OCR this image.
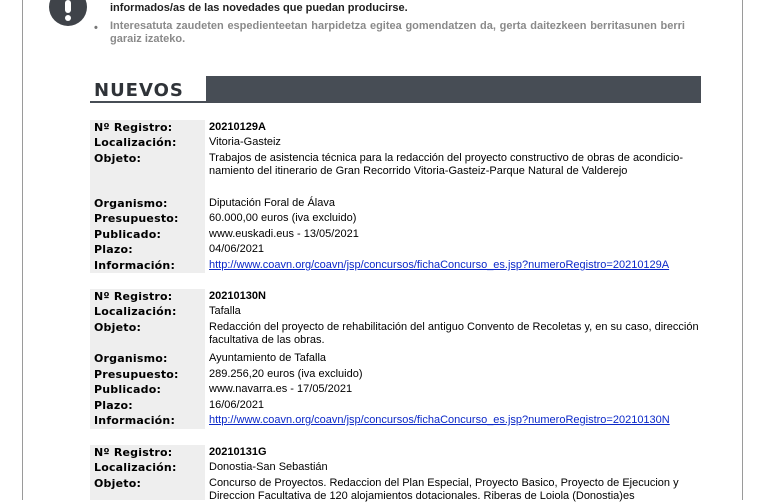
informados/as de las novedades que puedan producirse.
• Interesatuta zaudeten espedienteetan harpidetza egitea gomendatzen da, gerta daitezkeen berritasunen berri garaiz izateko.
NUEVOS
Nº Registro:	20210129A
Localización:	Vitoria-Gasteiz
Objeto:	Trabajos de asistencia técnica para la redacción del proyecto constructivo de obras de acondicio-namiento del itinerario de Gran Recorrido Vitoria-Gasteiz-Parque Natural de Valderejo
Organismo:	Diputación Foral de Álava
Presupuesto:	60.000,00 euros (iva excluido)
Publicado:	www.euskadi.eus - 13/05/2021
Plazo:	04/06/2021
Información:	http://www.coavn.org/coavn/jsp/concursos/fichaConcurso_es.jsp?numeroRegistro=20210129A
Nº Registro:	20210130N
Localización:	Tafalla
Objeto:	Redacción del proyecto de rehabilitación del antiguo Convento de Recoletas y, en su caso, dirección facultativa de las obras.
Organismo:	Ayuntamiento de Tafalla
Presupuesto:	289.256,20 euros (iva excluido)
Publicado:	www.navarra.es - 17/05/2021
Plazo:	16/06/2021
Información:	http://www.coavn.org/coavn/jsp/concursos/fichaConcurso_es.jsp?numeroRegistro=20210130N
Nº Registro:	20210131G
Localización:	Donostia-San Sebastián
Objeto:	Concurso de Proyectos. Redaccion del Plan Especial, Proyecto Basico, Proyecto de Ejecucion y Direccion Facultativa de 120 alojamientos dotacionales. Riberas de Loiola (Donostia)es
